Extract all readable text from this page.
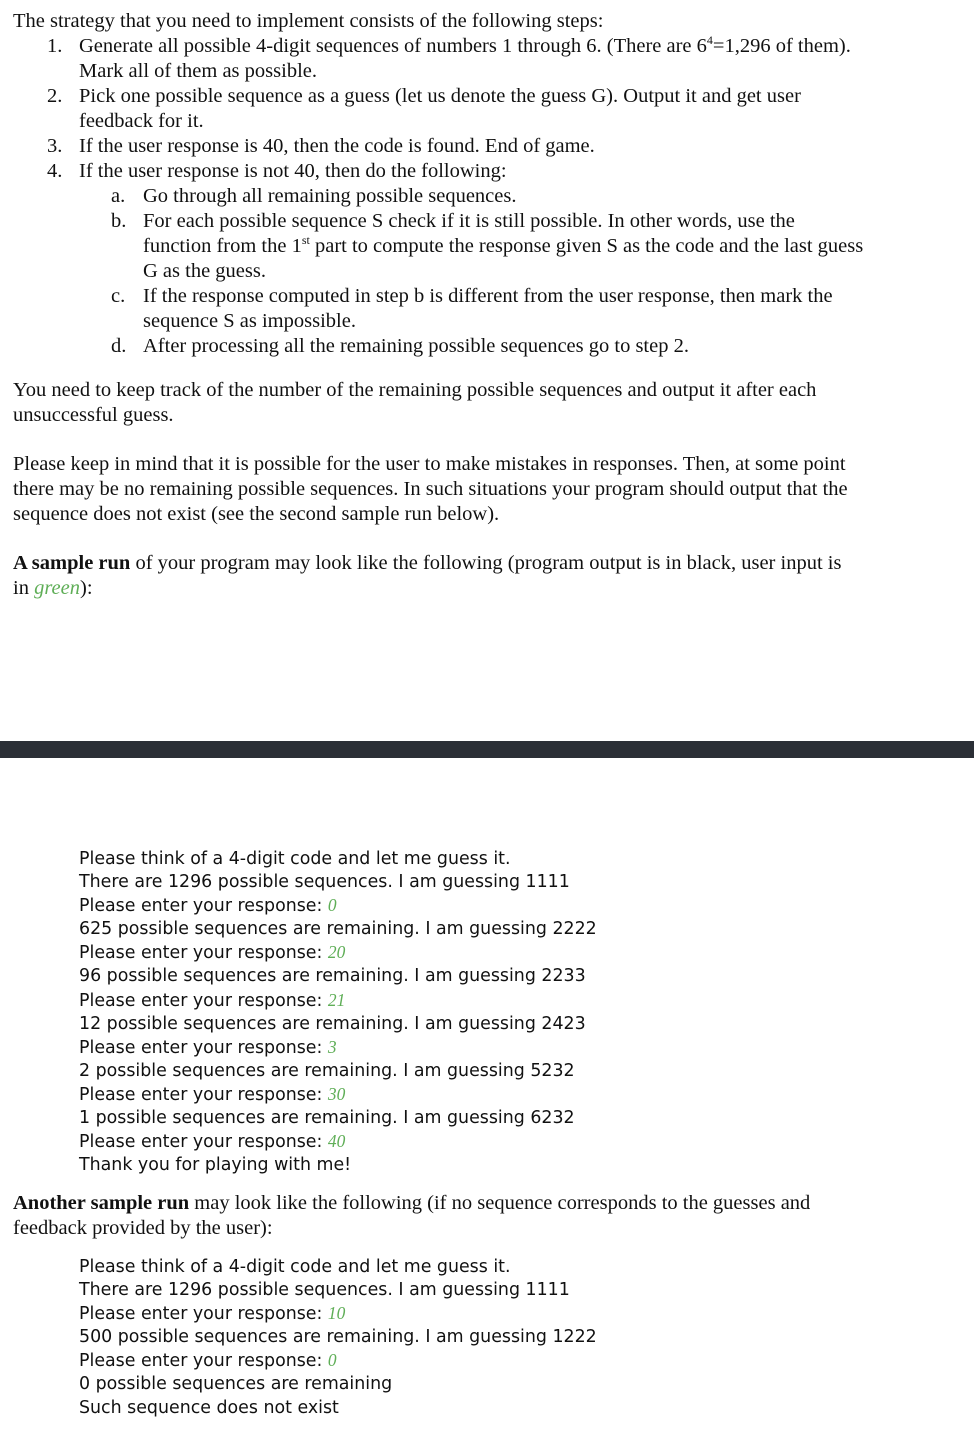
The strategy that you need to implement consists of the following steps:
1. Generate all possible 4-digit sequences of numbers 1 through 6. (There are $6^4=1,296$ of them).
Mark all of them as possible.
2. Pick one possible sequence as a guess (let us denote the guess G). Output it and get user
feedback for it.
3. If the user response is 40, then the code is found. End of game.
4. If the user response is not 40, then do the following:
a. Go through all remaining possible sequences.
b. For each possible sequence S check if it is still possible. In other words, use the
function from the 1st part to compute the response given S as the code and the last guess
G as the guess.
c. If the response computed in step b is different from the user response, then mark the
sequence S as impossible.
d. After processing all the remaining possible sequences go to step 2.
You need to keep track of the number of the remaining possible sequences and output it after each
unsuccessful guess.
Please keep in mind that it is possible for the user to make mistakes in responses. Then, at some point
there may be no remaining possible sequences. In such situations your program should output that the
sequence does not exist (see the second sample run below).
A sample run of your program may look like the following (program output is in black, user input is
in green):
Please think of a 4-digit code and let me guess it.
There are 1296 possible sequences. I am guessing 1111
Please enter your response: 0
625 possible sequences are remaining. I am guessing 2222
Please enter your response: 20
96 possible sequences are remaining. I am guessing 2233
Please enter your response: 21
12 possible sequences are remaining. I am guessing 2423
Please enter your response: 3
2 possible sequences are remaining. I am guessing 5232
Please enter your response: 30
1 possible sequences are remaining. I am guessing 6232
Please enter your response: 40
Thank you for playing with me!
Another sample run may look like the following (if no sequence corresponds to the guesses and
feedback provided by the user):
Please think of a 4-digit code and let me guess it.
There are 1296 possible sequences. I am guessing 1111
Please enter your response: 10
500 possible sequences are remaining. I am guessing 1222
Please enter your response: 0
0 possible sequences are remaining
Such sequence does not exist
